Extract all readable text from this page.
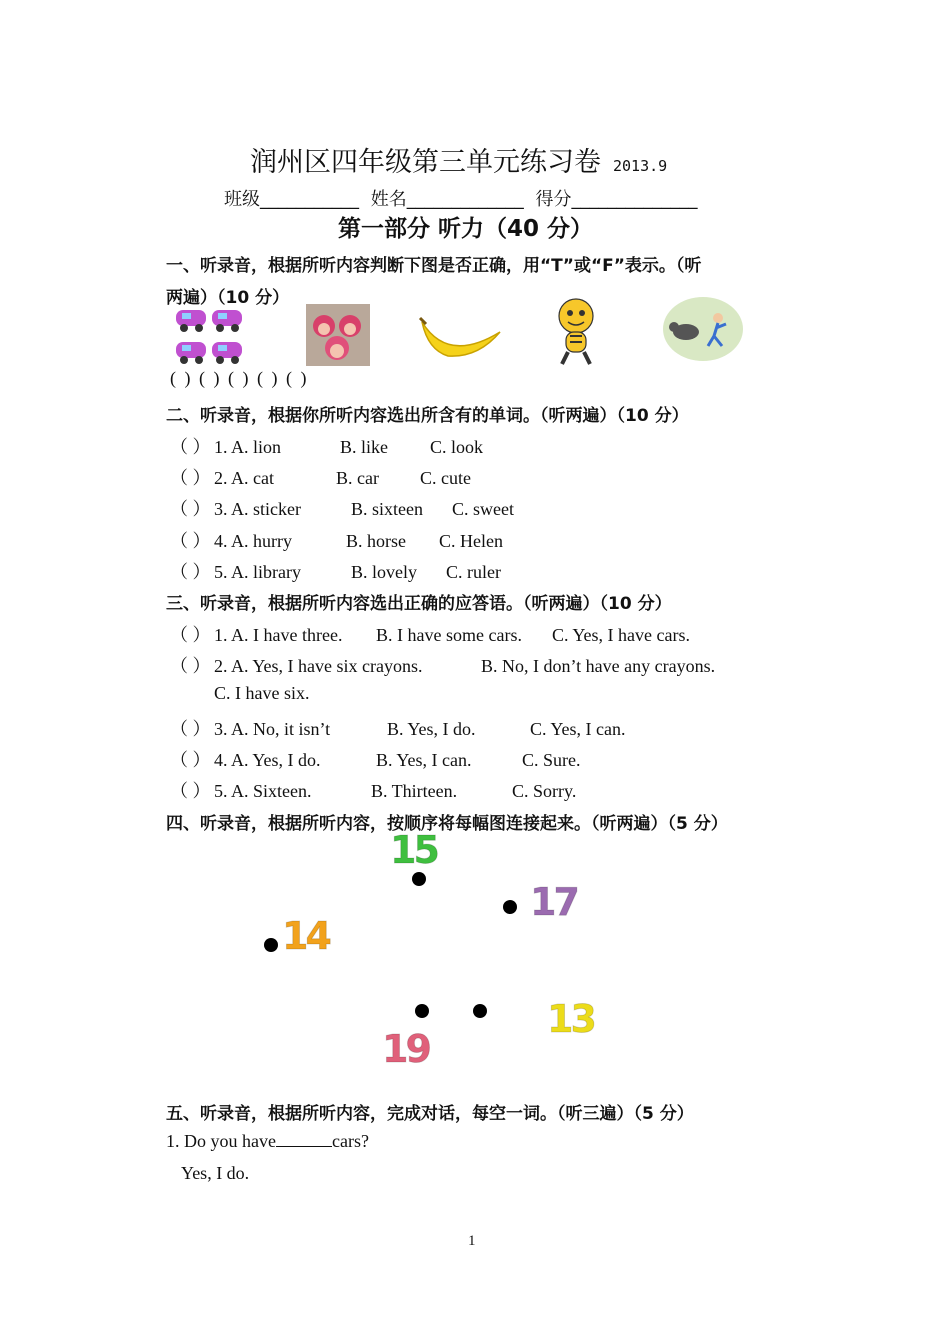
润州区四年级第三单元练习卷 2013.9
班级___________ 姓名_____________ 得分______________
第一部分 听力（40 分）
一、听录音，根据所听内容判断下图是否正确，用“T”或“F”表示。（听
两遍）（10 分）
( ) ( ) ( ) ( ) ( )
二、听录音，根据你所听内容选出所含有的单词。（听两遍）（10 分）
（ ） 1. A. lion	B. like C. look
（ ） 2. A. cat	B. car C. cute
（ ） 3. A. sticker	B. sixteen C. sweet
（ ） 4. A. hurry	B. horse C. Helen
（ ） 5. A. library	B. lovely C. ruler
三、听录音，根据所听内容选出正确的应答语。（听两遍）（10 分）
（ ） 1. A. I have three. B. I have some cars. C. Yes, I have cars.
（ ） 2. A. Yes, I have six crayons.	B. No, I don’t have any crayons.
C. I have six.
（ ） 3. A. No, it isn’t	B. Yes, I do.	C. Yes, I can.
（ ） 4. A. Yes, I do.	B. Yes, I can.	C. Sure.
（ ） 5. A. Sixteen.	B. Thirteen.	C. Sorry.
四、听录音，根据所听内容，按顺序将每幅图连接起来。（听两遍）（5 分）
15
17
14
13
19
五、听录音，根据所听内容，完成对话，每空一词。（听三遍）（5 分）
1. Do you have	cars?
Yes, I do.
1
